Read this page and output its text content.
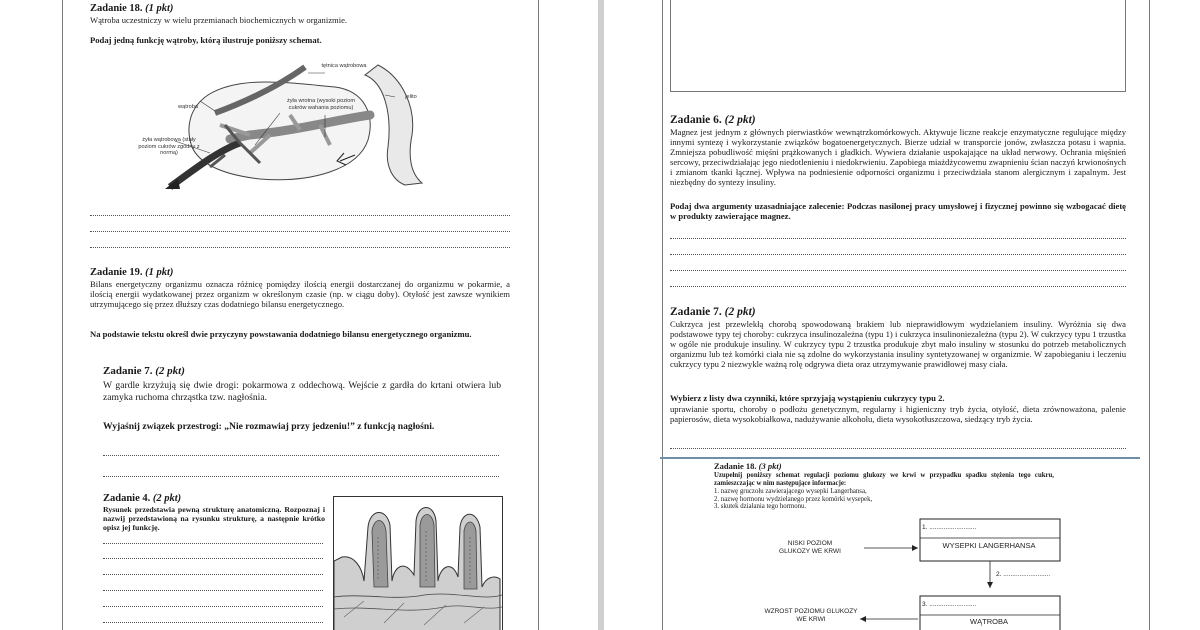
Zadanie 18. (1 pkt)
Wątroba uczestniczy w wielu przemianach biochemicznych w organizmie.
Podaj jedną funkcję wątroby, którą ilustruje poniższy schemat.
tętnica wątrobowa
wątroba
jelito
żyła wrotna (wysoki poziom cukrów wahania poziomu)
żyła wątrobowa (stały poziom cukrów zgodny z normą)
Zadanie 19. (1 pkt)
Bilans energetyczny organizmu oznacza różnicę pomiędzy ilością energii dostarczanej do organizmu w pokarmie, a ilością energii wydatkowanej przez organizm w określonym czasie (np. w ciągu doby). Otyłość jest zawsze wynikiem utrzymującego się przez dłuższy czas dodatniego bilansu energetycznego.
Na podstawie tekstu określ dwie przyczyny powstawania dodatniego bilansu energetycznego organizmu.
Zadanie 7. (2 pkt)
W gardle krzyżują się dwie drogi: pokarmowa z oddechową. Wejście z gardła do krtani otwiera lub zamyka ruchoma chrząstka tzw. nagłośnia.
Wyjaśnij związek przestrogi: „Nie rozmawiaj przy jedzeniu!” z funkcją nagłośni.
Zadanie 4. (2 pkt)
Rysunek przedstawia pewną strukturę anatomiczną. Rozpoznaj i nazwij przedstawioną na rysunku strukturę, a następnie krótko opisz jej funkcję.
Zadanie 6. (2 pkt)
Magnez jest jednym z głównych pierwiastków wewnątrzkomórkowych. Aktywuje liczne reakcje enzymatyczne regulujące między innymi syntezę i wykorzystanie związków bogatoenergetycznych. Bierze udział w transporcie jonów, zwłaszcza potasu i wapnia. Zmniejsza pobudliwość mięśni prążkowanych i gładkich. Wywiera działanie uspokajające na układ nerwowy. Ochrania mięśnień sercowy, przeciwdziałając jego niedotlenieniu i niedokrwieniu. Zapobiega miażdżycowemu zwapnieniu ścian naczyń krwionośnych i zmianom tkanki łącznej. Wpływa na podniesienie odporności organizmu i przeciwdziała stanom alergicznym i zapalnym. Jest niezbędny do syntezy insuliny.
Podaj dwa argumenty uzasadniające zalecenie: Podczas nasilonej pracy umysłowej i fizycznej powinno się wzbogacać dietę w produkty zawierające magnez.
Zadanie 7. (2 pkt)
Cukrzyca jest przewlekłą chorobą spowodowaną brakiem lub nieprawidłowym wydzielaniem insuliny. Wyróżnia się dwa podstawowe typy tej choroby: cukrzyca insulinozależna (typu 1) i cukrzyca insulinoniezależna (typu 2). W cukrzycy typu 1 trzustka w ogóle nie produkuje insuliny. W cukrzycy typu 2 trzustka produkuje zbyt mało insuliny w stosunku do potrzeb metabolicznych organizmu lub też komórki ciała nie są zdolne do wykorzystania insuliny syntetyzowanej w organizmie. W zapobieganiu i leczeniu cukrzycy typu 2 niezwykle ważną rolę odgrywa dieta oraz utrzymywanie prawidłowej masy ciała.
Wybierz z listy dwa czynniki, które sprzyjają wystąpieniu cukrzycy typu 2.
uprawianie sportu, choroby o podłożu genetycznym, regularny i higieniczny tryb życia, otyłość, dieta zrównoważona, palenie papierosów, dieta wysokobiałkowa, nadużywanie alkoholu, dieta wysokotłuszczowa, siedzący tryb życia.
Zadanie 18. (3 pkt)
Uzupełnij poniższy schemat regulacji poziomu glukozy we krwi w przypadku spadku stężenia tego cukru, zamieszczając w nim następujące informacje:
1. nazwę gruczołu zawierającego wysepki Langerhansa,
2. nazwę hormonu wydzielanego przez komórki wysepek,
3. skutek działania tego hormonu.
NISKI POZIOM GLUKOZY WE KRWI
1. ..........................
WYSEPKI LANGERHANSA
2. ..........................
3. ..........................
WĄTROBA
WZROST POZIOMU GLUKOZY WE KRWI
